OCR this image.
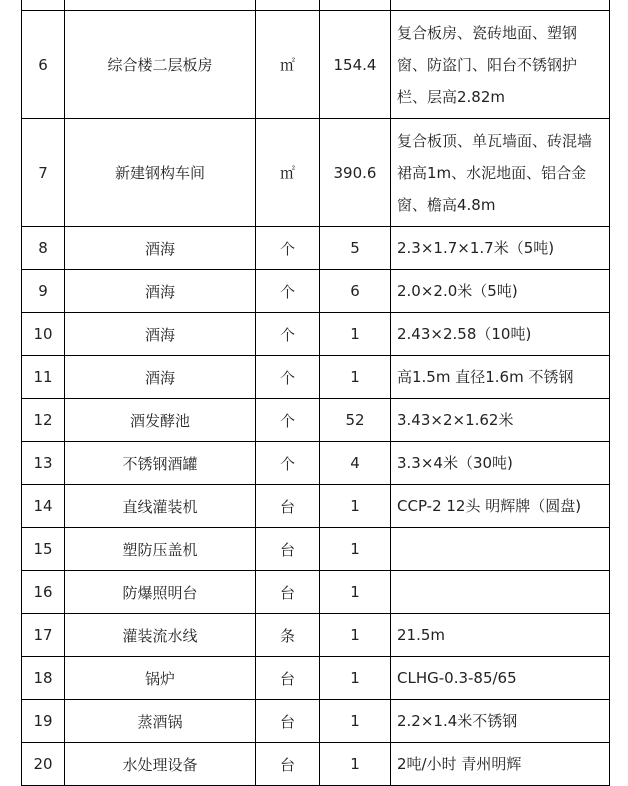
6	综合楼二层板房	㎡	154.4	复合板房、瓷砖地面、塑钢窗、防盗门、阳台不锈钢护栏、层高2.82m
7	新建钢构车间	㎡	390.6	复合板顶、单瓦墙面、砖混墙裙高1m、水泥地面、铝合金窗、檐高4.8m
8	酒海	个	5	2.3×1.7×1.7米（5吨)
9	酒海	个	6	2.0×2.0米（5吨)
10	酒海	个	1	2.43×2.58（10吨)
11	酒海	个	1	高1.5m 直径1.6m 不锈钢
12	酒发酵池	个	52	3.43×2×1.62米
13	不锈钢酒罐	个	4	3.3×4米（30吨)
14	直线灌装机	台	1	CCP-2 12头 明辉牌（圆盘)
15	塑防压盖机	台	1	
16	防爆照明台	台	1	
17	灌装流水线	条	1	21.5m
18	锅炉	台	1	CLHG-0.3-85/65
19	蒸酒锅	台	1	2.2×1.4米不锈钢
20	水处理设备	台	1	2吨/小时 青州明辉
